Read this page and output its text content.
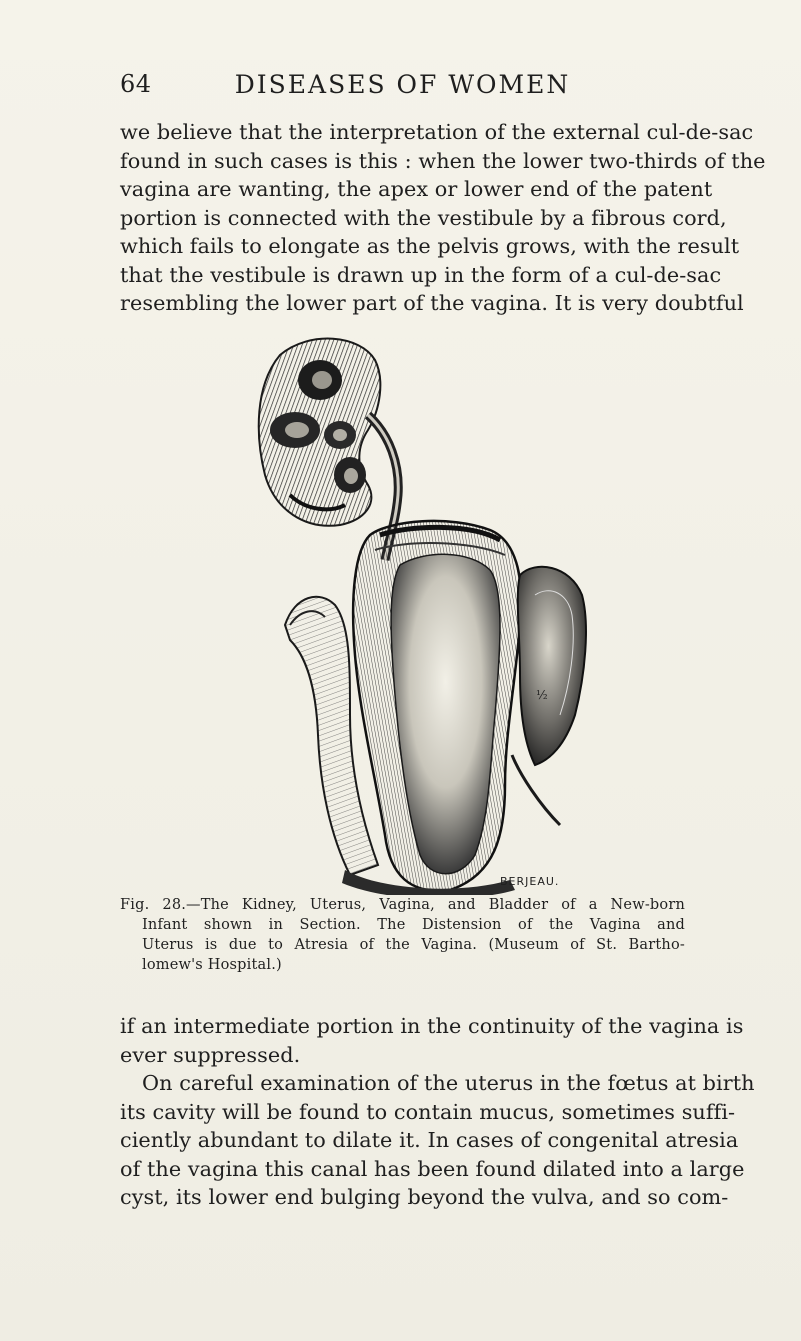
64	DISEASES OF WOMEN
we believe that the interpretation of the external cul-de-sac
found in such cases is this : when the lower two-thirds of the
vagina are wanting, the apex or lower end of the patent
portion is connected with the vestibule by a fibrous cord,
which fails to elongate as the pelvis grows, with the result
that the vestibule is drawn up in the form of a cul-de-sac
resembling the lower part of the vagina. It is very doubtful
½
BERJEAU.
Fig. 28.—The Kidney, Uterus, Vagina, and Bladder of a New-born
Infant shown in Section. The Distension of the Vagina and
Uterus is due to Atresia of the Vagina. (Museum of St. Bartho-
lomew's Hospital.)
if an intermediate portion in the continuity of the vagina is
ever suppressed.
On careful examination of the uterus in the fœtus at birth
its cavity will be found to contain mucus, sometimes suffi-
ciently abundant to dilate it. In cases of congenital atresia
of the vagina this canal has been found dilated into a large
cyst, its lower end bulging beyond the vulva, and so com-
